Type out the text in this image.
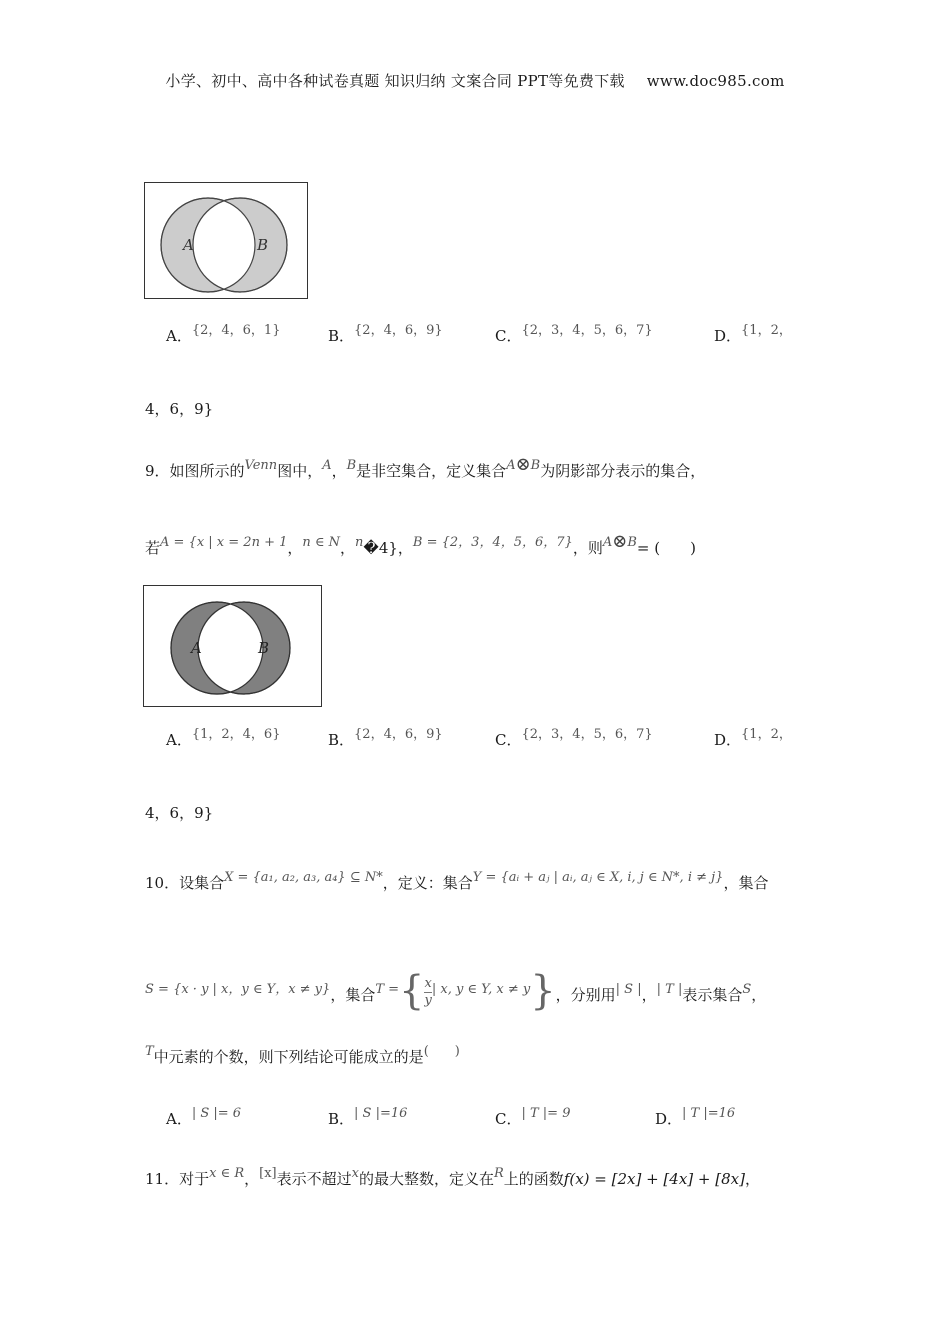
小学、初中、高中各种试卷真题 知识归纳 文案合同 PPT等免费下载 www.doc985.com
A	B
A．{2，4，6，1}	B．{2，4，6，9}	C．{2，3，4，5，6，7}	D．{1，2，
4，6，9}
9．如图所示的Venn图中，A，B是非空集合，定义集合A⊗B为阴影部分表示的集合，
若A = {x | x = 2n + 1，n ∈ N，n�4}，B = {2，3，4，5，6，7}，则A⊗B= (　　)
A	B
A．{1，2，4，6}	B．{2，4，6，9}	C．{2，3，4，5，6，7}	D．{1，2，
4，6，9}
10．设集合X = {a₁, a₂, a₃, a₄} ⊆ N*，定义：集合Y = {aᵢ + aⱼ | aᵢ, aⱼ ∈ X, i, j ∈ N*, i ≠ j}，集合
S = {x · y | x，y ∈ Y，x ≠ y}，集合T ={ $\frac{x}{y}$ | x, y ∈ Y, x ≠ y}，分别用| S |，| T |表示集合S，
T中元素的个数，则下列结论可能成立的是(　　)
A．| S |= 6	B．| S |=16	C．| T |= 9	D．| T |=16
11．对于x ∈ R，[x]表示不超过x的最大整数，定义在R上的函数f(x) = [2x] + [4x] + [8x]，
